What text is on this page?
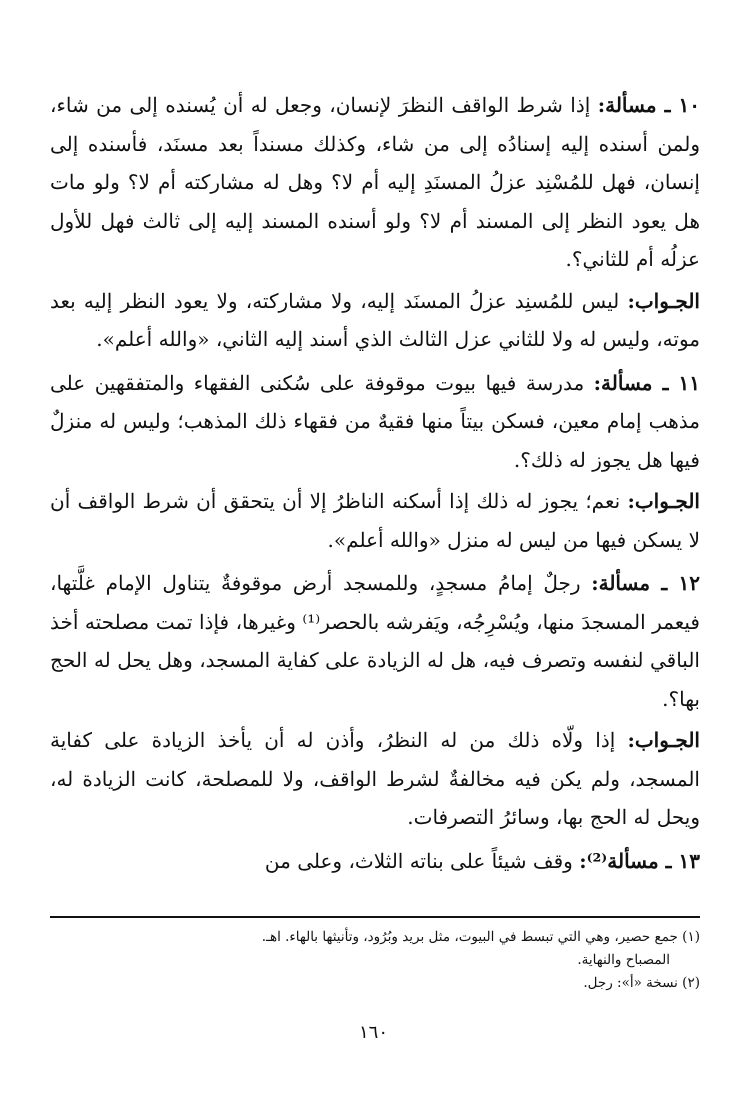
١٠ ـ مسألة: إذا شرط الواقف النظرَ لإنسان، وجعل له أن يُسنده إلى من شاء، ولمن أسنده إليه إسنادُه إلى من شاء، وكذلك مسنداً بعد مسنَد، فأسنده إلى إنسان، فهل للمُسْنِد عزلُ المسنَدِ إليه أم لا؟ وهل له مشاركته أم لا؟ ولو مات هل يعود النظر إلى المسند أم لا؟ ولو أسنده المسند إليه إلى ثالث فهل للأول عزلُه أم للثاني؟.

الجـواب: ليس للمُسنِد عزلُ المسنَد إليه، ولا مشاركته، ولا يعود النظر إليه بعد موته، وليس له ولا للثاني عزل الثالث الذي أسند إليه الثاني، «والله أعلم».

١١ ـ مسألة: مدرسة فيها بيوت موقوفة على سُكنى الفقهاء والمتفقهين على مذهب إمام معين، فسكن بيتاً منها فقيهٌ من فقهاء ذلك المذهب؛ وليس له منزلٌ فيها هل يجوز له ذلك؟.

الجـواب: نعم؛ يجوز له ذلك إذا أسكنه الناظرُ إلا أن يتحقق أن شرط الواقف أن لا يسكن فيها من ليس له منزل «والله أعلم».

١٢ ـ مسألة: رجلٌ إمامُ مسجدٍ، وللمسجد أرض موقوفةٌ يتناول الإمام غلَّتها، فيعمر المسجدَ منها، ويُسْرِجُه، ويَفرشه بالحصر⁽¹⁾ وغيرها، فإذا تمت مصلحته أخذ الباقي لنفسه وتصرف فيه، هل له الزيادة على كفاية المسجد، وهل يحل له الحج بها؟.

الجـواب: إذا ولّاه ذلك من له النظرُ، وأذن له أن يأخذ الزيادة على كفاية المسجد، ولم يكن فيه مخالفةٌ لشرط الواقف، ولا للمصلحة، كانت الزيادة له، ويحل له الحج بها، وسائرُ التصرفات.

١٣ ـ مسألة⁽²⁾: وقف شيئاً على بناته الثلاث، وعلى من

(١) جمع حصير، وهي التي تبسط في البيوت، مثل بريد وبُرُود، وتأنيثها بالهاء. اهـ.

المصباح والنهاية.

(٢) نسخة «أ»: رجل.

١٦٠
